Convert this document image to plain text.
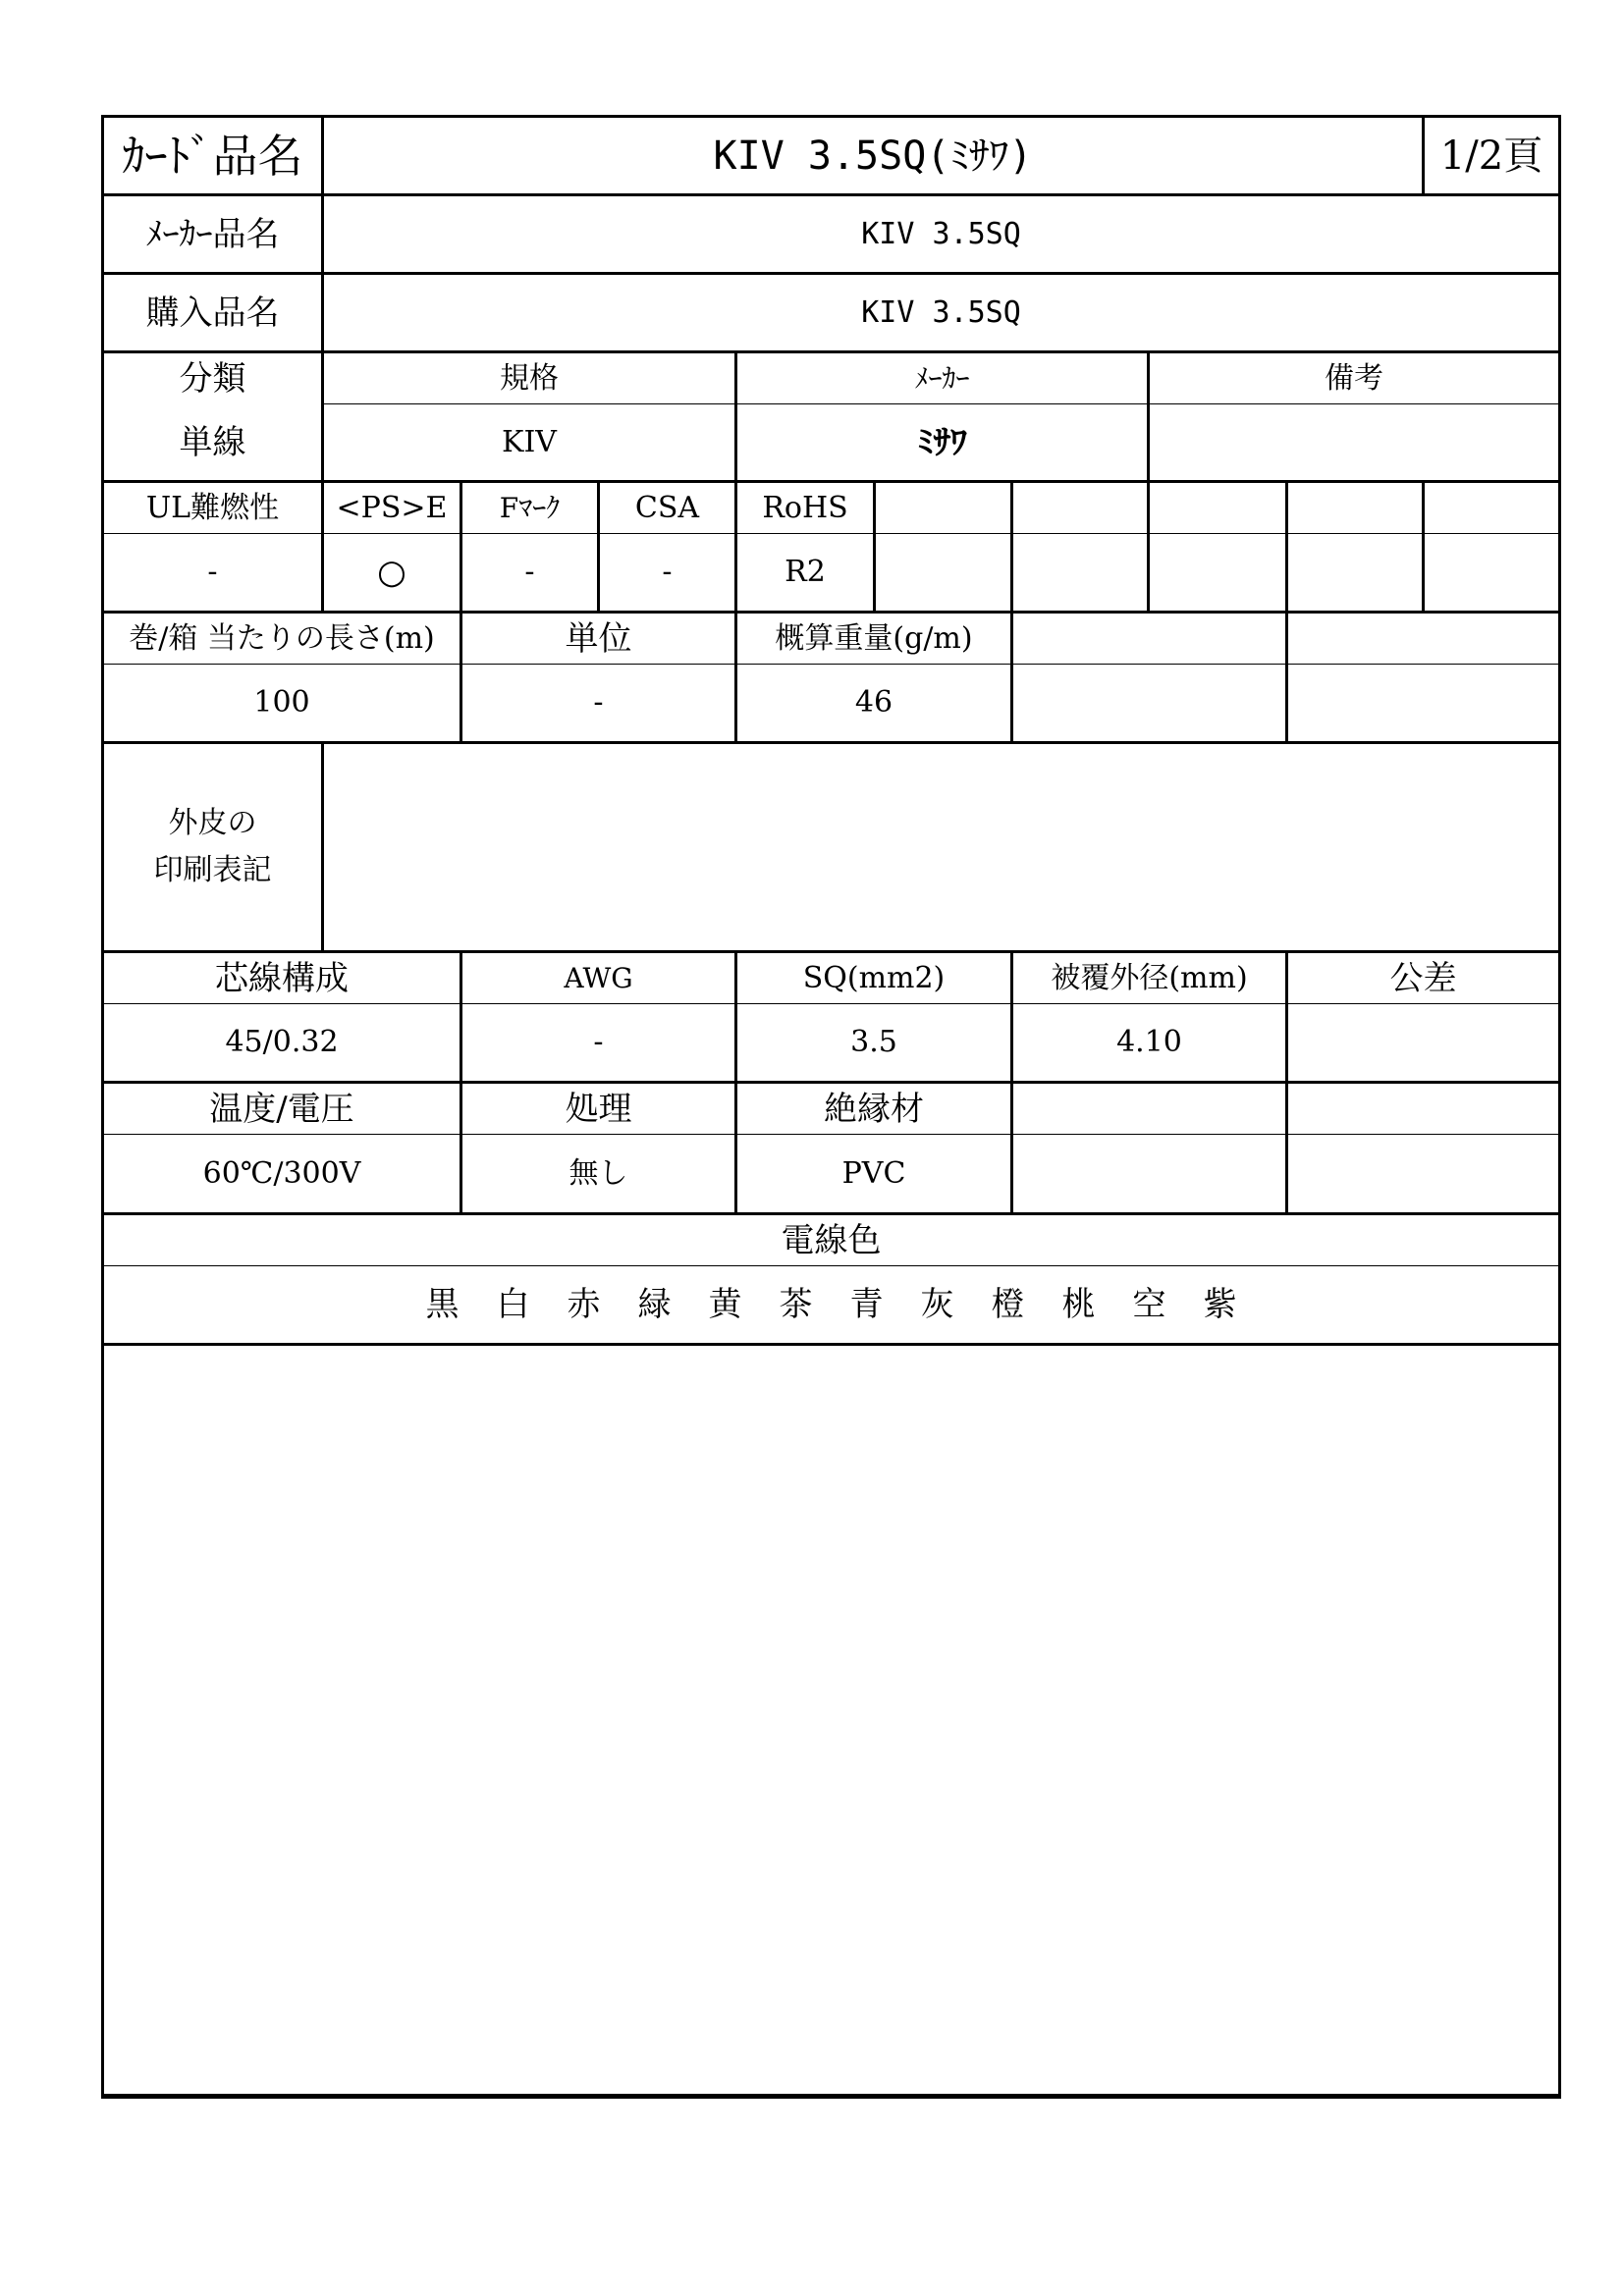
ｶｰﾄﾞ品名	KIV 3.5SQ(ﾐｻﾜ)	1/2頁
ﾒｰｶｰ品名	KIV 3.5SQ
購入品名	KIV 3.5SQ
分類	規格	ﾒｰｶｰ	備考
単線	KIV	ﾐｻﾜ
UL難燃性	<PS>E	Fﾏｰｸ	CSA	RoHS
-	○	-	-	R2
巻/箱 当たりの長さ(m)	単位	概算重量(g/m)
100	-	46
外皮の
印刷表記
芯線構成	AWG	SQ(mm2)	被覆外径(mm)	公差
45/0.32	-	3.5	4.10
温度/電圧	処理	絶縁材
60℃/300V	無し	PVC
電線色
黒 白 赤 緑 黄 茶 青 灰 橙 桃 空 紫
